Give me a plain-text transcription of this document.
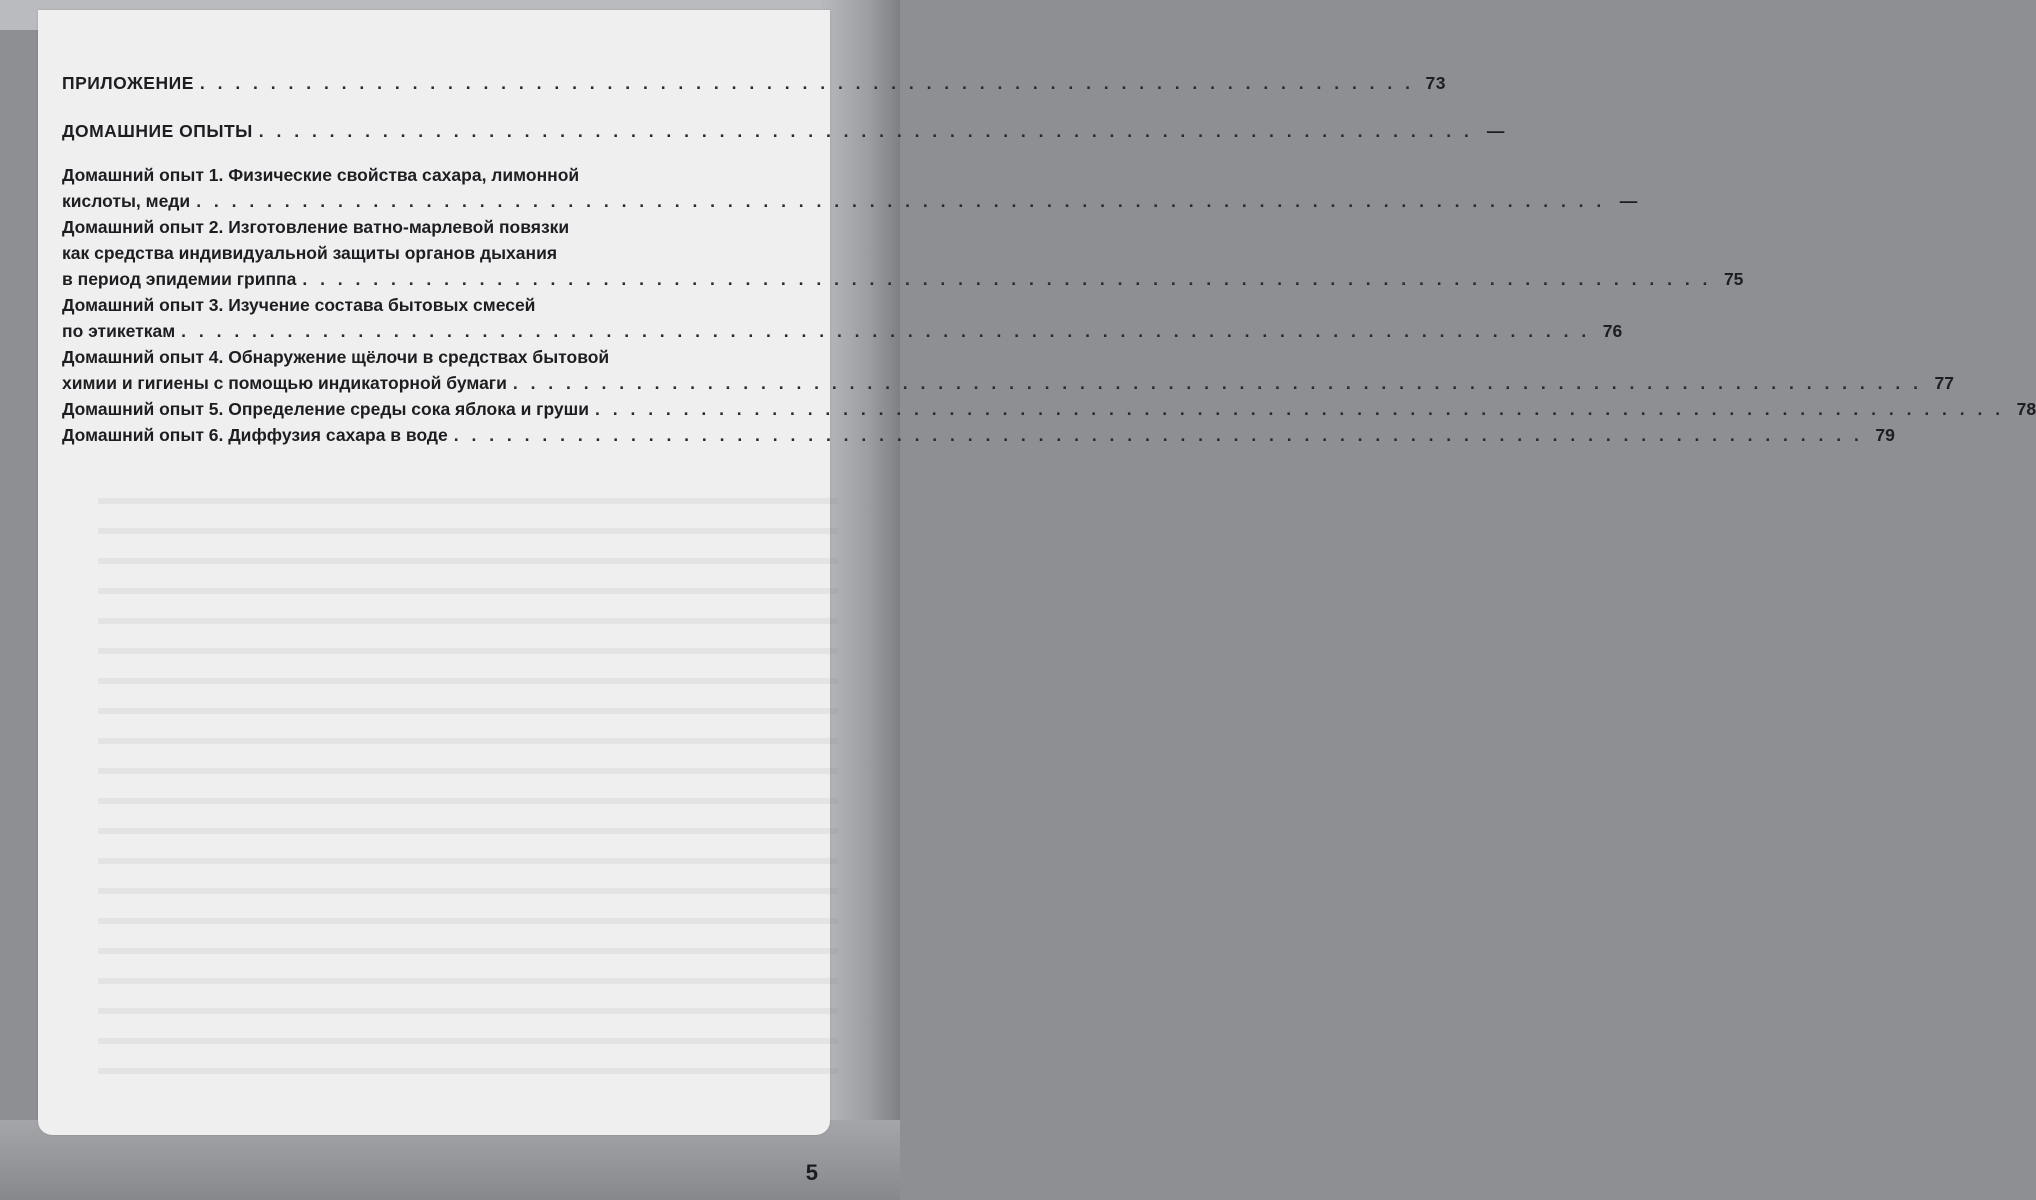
ПРИЛОЖЕНИЕ . . . . . . . . . . . . . . . . . . . . . . . . . . . . . . . . . . . . . . . . . . . . . . . . . . . . . . . . . . . . . . . . . . . . . 73
ДОМАШНИЕ ОПЫТЫ . . . . . . . . . . . . . . . . . . . . . . . . . . . . . . . . . . . . . . . . . . . . . . . . . . . . . . . . . . . . . . . . . . . . . —
Домашний опыт 1. Физические свойства сахара, лимонной
кислоты, меди . . . . . . . . . . . . . . . . . . . . . . . . . . . . . . . . . . . . . . . . . . . . . . . . . . . . . . . . . . . . . . . . . . . . . . . . . . . . . . . . —
Домашний опыт 2. Изготовление ватно-марлевой повязки
как средства индивидуальной защиты органов дыхания
в период эпидемии гриппа . . . . . . . . . . . . . . . . . . . . . . . . . . . . . . . . . . . . . . . . . . . . . . . . . . . . . . . . . . . . . . . . . . . . . . . . . . . . . . . . 75
Домашний опыт 3. Изучение состава бытовых смесей
по этикеткам . . . . . . . . . . . . . . . . . . . . . . . . . . . . . . . . . . . . . . . . . . . . . . . . . . . . . . . . . . . . . . . . . . . . . . . . . . . . . . . . 76
Домашний опыт 4. Обнаружение щёлочи в средствах бытовой
химии и гигиены с помощью индикаторной бумаги . . . . . . . . . . . . . . . . . . . . . . . . . . . . . . . . . . . . . . . . . . . . . . . . . . . . . . . . . . . . . . . . . . . . . . . . . . . . . . . . 77
Домашний опыт 5. Определение среды сока яблока и груши . . . . . . . . . . . . . . . . . . . . . . . . . . . . . . . . . . . . . . . . . . . . . . . . . . . . . . . . . . . . . . . . . . . . . . . . . . . . . . . . 78
Домашний опыт 6. Диффузия сахара в воде . . . . . . . . . . . . . . . . . . . . . . . . . . . . . . . . . . . . . . . . . . . . . . . . . . . . . . . . . . . . . . . . . . . . . . . . . . . . . . . . 79
5
